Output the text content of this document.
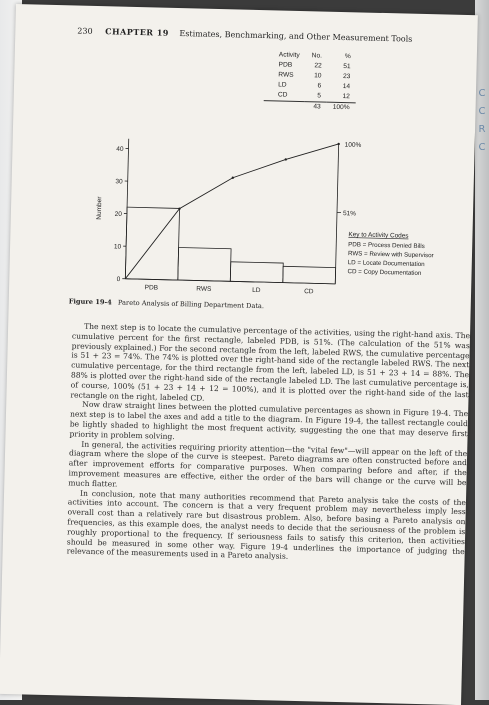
C
C
R
C
230 CHAPTER 19 Estimates, Benchmarking, and Other Measurement Tools
Activity	No.	%
PDB	22	51
RWS	10	23
LD	6	14
CD	5	12
	43	100%
0
10
20
30
40
Number
PDB	RWS	LD	CD
51%
100%
Key to Activity Codes
PDB = Process Denied Bills
RWS = Review with Supervisor
LD = Locate Documentation
CD = Copy Documentation
Figure 19-4 Pareto Analysis of Billing Department Data.

The next step is to locate the cumulative percentage of the activities, using the right-hand axis. The cumulative percent for the first rectangle, labeled PDB, is 51%. (The calculation of the 51% was previously explained.) For the second rectangle from the left, labeled RWS, the cumulative percentage is 51 + 23 = 74%. The 74% is plotted over the right-hand side of the rectangle labeled RWS. The next cumulative percentage, for the third rectangle from the left, labeled LD, is 51 + 23 + 14 = 88%. The 88% is plotted over the right-hand side of the rectangle labeled LD. The last cumulative percentage is, of course, 100% (51 + 23 + 14 + 12 = 100%), and it is plotted over the right-hand side of the last rectangle on the right, labeled CD.

Now draw straight lines between the plotted cumulative percentages as shown in Figure 19-4. The next step is to label the axes and add a title to the diagram. In Figure 19-4, the tallest rectangle could be lightly shaded to highlight the most frequent activity, suggesting the one that may deserve first priority in problem solving.

In general, the activities requiring priority attention—the "vital few"—will appear on the left of the diagram where the slope of the curve is steepest. Pareto diagrams are often constructed before and after improvement efforts for comparative purposes. When comparing before and after, if the improvement measures are effective, either the order of the bars will change or the curve will be much flatter.

In conclusion, note that many authorities recommend that Pareto analysis take the costs of the activities into account. The concern is that a very frequent problem may nevertheless imply less overall cost than a relatively rare but disastrous problem. Also, before basing a Pareto analysis on frequencies, as this example does, the analyst needs to decide that the seriousness of the problem is roughly proportional to the frequency. If seriousness fails to satisfy this criterion, then activities should be measured in some other way. Figure 19-4 underlines the importance of judging the relevance of the measurements used in a Pareto analysis.
